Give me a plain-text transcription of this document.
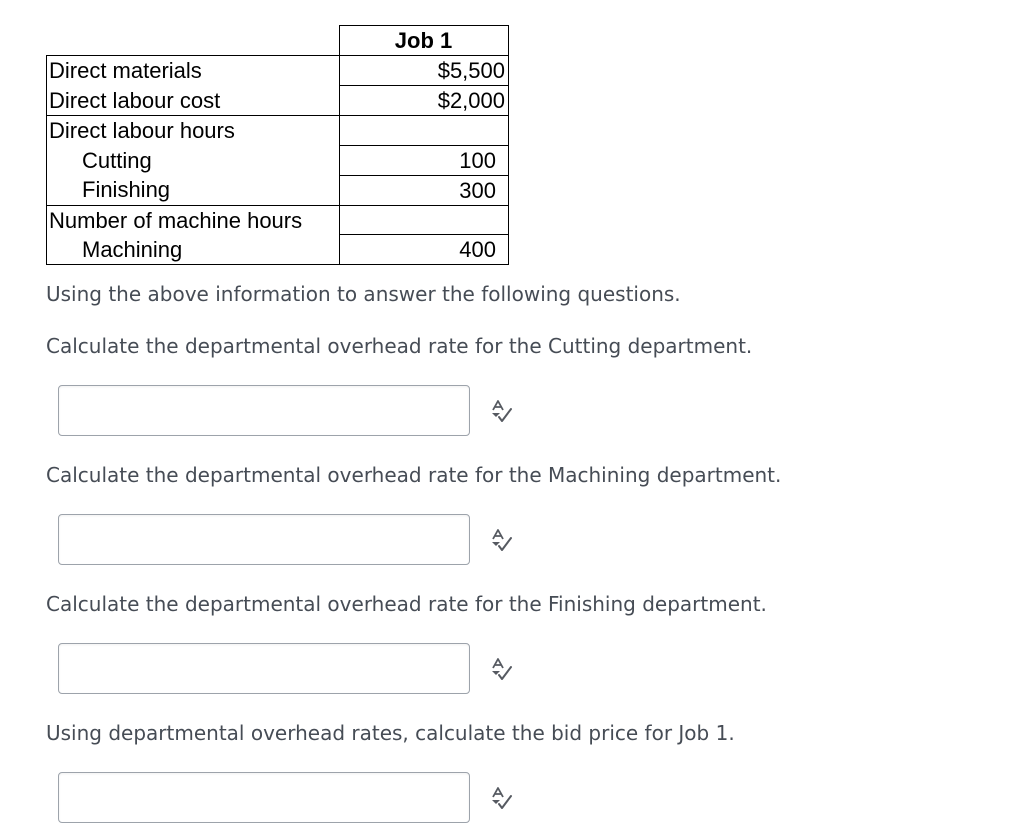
	Job 1
Direct materials	$5,500
Direct labour cost	$2,000
Direct labour hours	
Cutting	100
Finishing	300
Number of machine hours	
Machining	400

Using the above information to answer the following questions.

Calculate the departmental overhead rate for the Cutting department.

Calculate the departmental overhead rate for the Machining department.

Calculate the departmental overhead rate for the Finishing department.

Using departmental overhead rates, calculate the bid price for Job 1.
